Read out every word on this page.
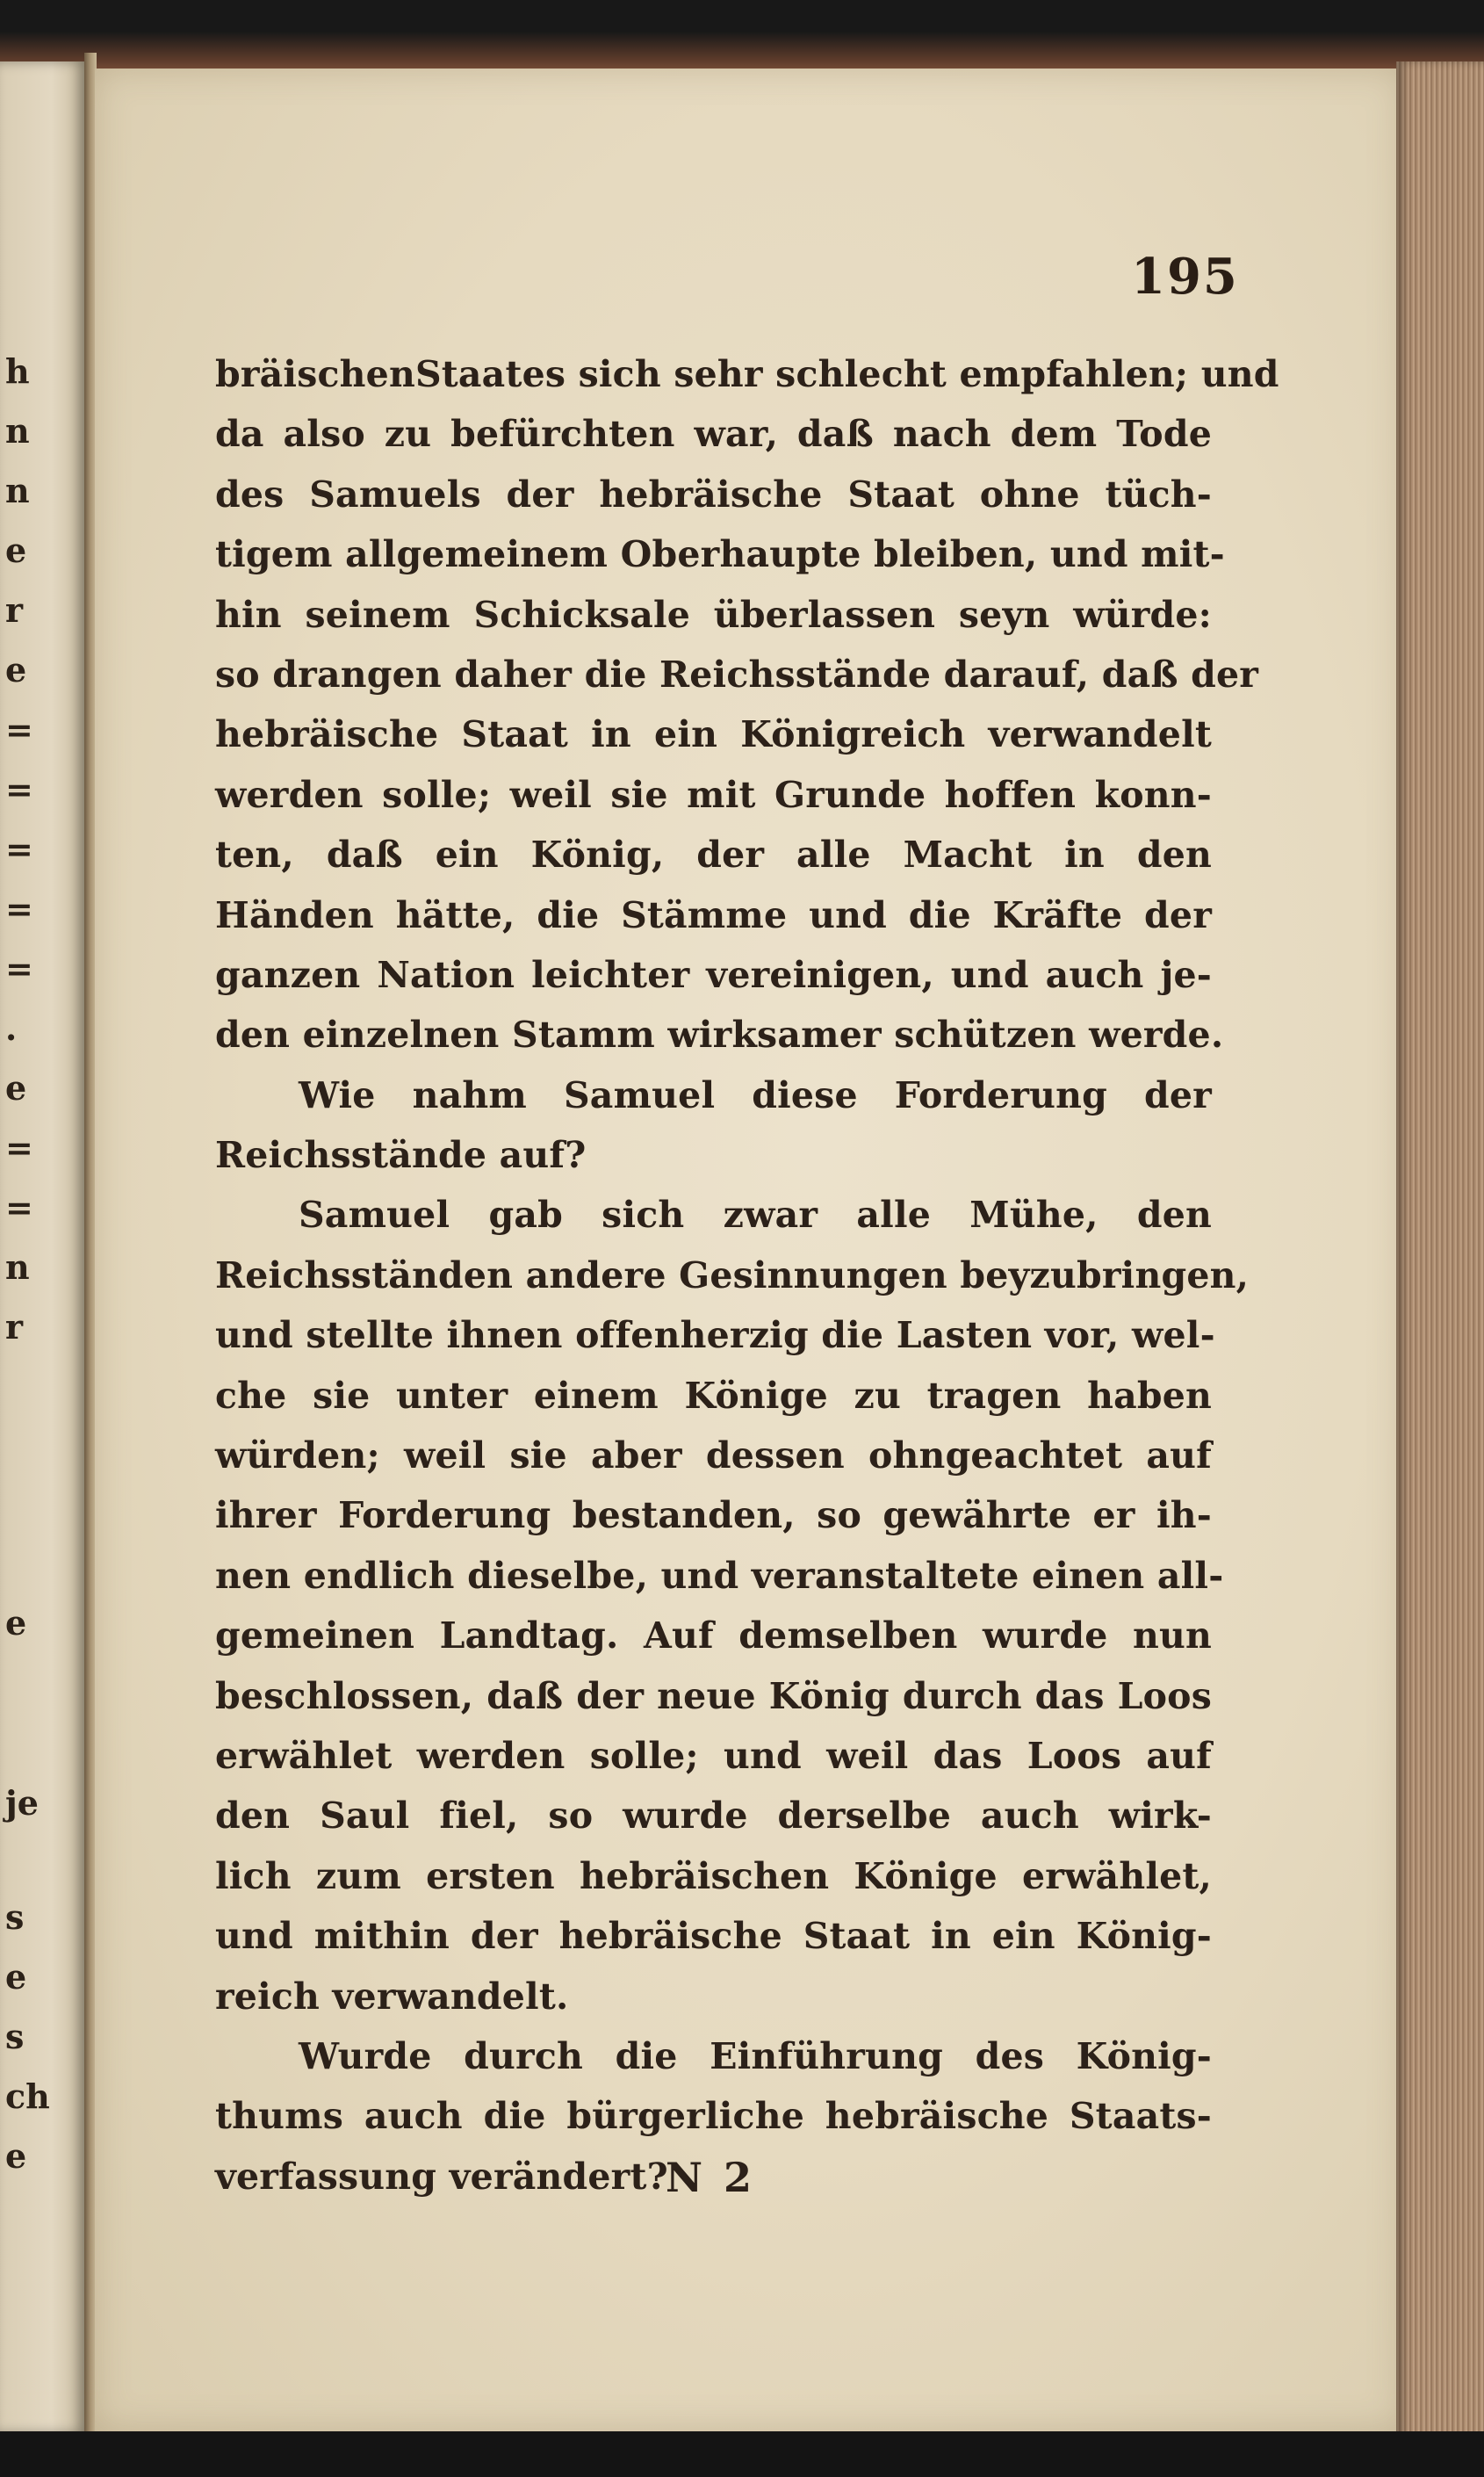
h
n
n
e
r
e
=
=
=
=
=
.
e
=
=
n
r
e
je
s
e
s
ch
e
195
bräischenStaates sich sehr schlecht empfahlen; und
da also zu befürchten war, daß nach dem Tode
des Samuels der hebräische Staat ohne tüch-
tigem allgemeinem Oberhaupte bleiben, und mit-
hin seinem Schicksale überlassen seyn würde:
so drangen daher die Reichsstände darauf, daß der
hebräische Staat in ein Königreich verwandelt
werden solle; weil sie mit Grunde hoffen konn-
ten, daß ein König, der alle Macht in den
Händen hätte, die Stämme und die Kräfte der
ganzen Nation leichter vereinigen, und auch je-
den einzelnen Stamm wirksamer schützen werde.
Wie nahm Samuel diese Forderung der
Reichsstände auf?
Samuel gab sich zwar alle Mühe, den
Reichsständen andere Gesinnungen beyzubringen,
und stellte ihnen offenherzig die Lasten vor, wel-
che sie unter einem Könige zu tragen haben
würden; weil sie aber dessen ohngeachtet auf
ihrer Forderung bestanden, so gewährte er ih-
nen endlich dieselbe, und veranstaltete einen all-
gemeinen Landtag. Auf demselben wurde nun
beschlossen, daß der neue König durch das Loos
erwählet werden solle; und weil das Loos auf
den Saul fiel, so wurde derselbe auch wirk-
lich zum ersten hebräischen Könige erwählet,
und mithin der hebräische Staat in ein König-
reich verwandelt.
Wurde durch die Einführung des König-
thums auch die bürgerliche hebräische Staats-
verfassung verändert?
N 2
